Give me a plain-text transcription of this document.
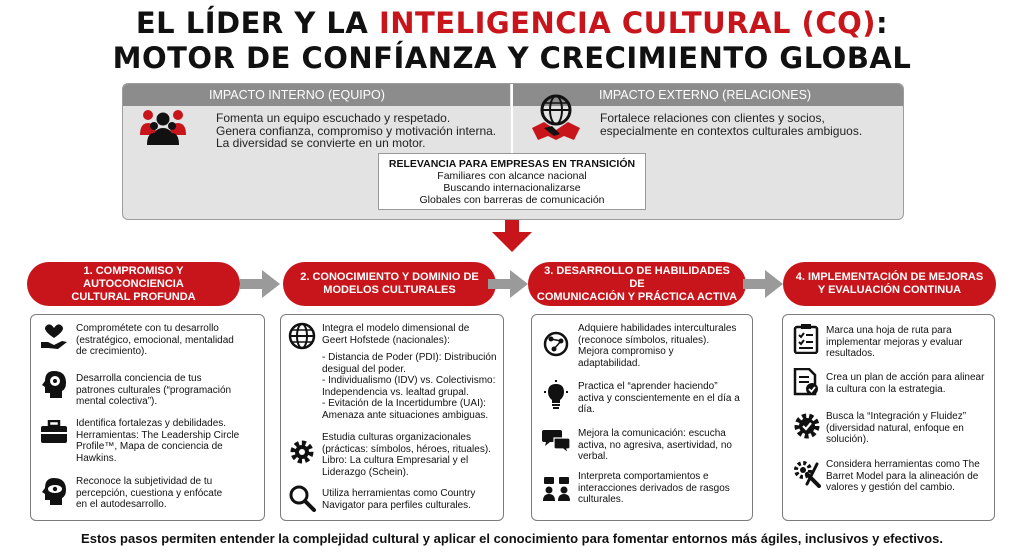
EL LÍDER Y LA INTELIGENCIA CULTURAL (CQ):
MOTOR DE CONFÍANZA Y CRECIMIENTO GLOBAL
IMPACTO INTERNO (EQUIPO)	IMPACTO EXTERNO (RELACIONES)
Fomenta un equipo escuchado y respetado.
Genera confianza, compromiso y motivación interna.
La diversidad se convierte en un motor.
Fortalece relaciones con clientes y socios,
especialmente en contextos culturales ambiguos.
RELEVANCIA PARA EMPRESAS EN TRANSICIÓN
Familiares con alcance nacional
Buscando internacionalizarse
Globales con barreras de comunicación
1. COMPROMISO Y AUTOCONCIENCIA
CULTURAL PROFUNDA
2. CONOCIMIENTO Y DOMINIO DE
MODELOS CULTURALES
3. DESARROLLO DE HABILIDADES DE
COMUNICACIÓN Y PRÁCTICA ACTIVA
4. IMPLEMENTACIÓN DE MEJORAS
Y EVALUACIÓN CONTINUA
Comprométete con tu desarrollo
(estratégico, emocional, mentalidad
de crecimiento).
Desarrolla conciencia de tus
patrones culturales (“programación
mental colectiva”).
Identifica fortalezas y debilidades.
Herramientas: The Leadership Circle
Profile™, Mapa de conciencia de
Hawkins.
Reconoce la subjetividad de tu
percepción, cuestiona y enfócate
en el autodesarrollo.
Integra el modelo dimensional de
Geert Hofstede (nacionales):
- Distancia de Poder (PDI): Distribución
desigual del poder.
- Individualismo (IDV) vs. Colectivismo:
Independencia vs. lealtad grupal.
- Evitación de la Incertidumbre (UAI):
Amenaza ante situaciones ambiguas.
Estudia culturas organizacionales
(prácticas: símbolos, héroes, rituales).
Libro: La cultura Empresarial y el
Liderazgo (Schein).
Utiliza herramientas como Country
Navigator para perfiles culturales.
Adquiere habilidades interculturales
(reconoce símbolos, rituales).
Mejora compromiso y
adaptabilidad.
Practica el “aprender haciendo”
activa y conscientemente en el día a
día.
Mejora la comunicación: escucha
activa, no agresiva, asertividad, no
verbal.
Interpreta comportamientos e
interacciones derivados de rasgos
culturales.
Marca una hoja de ruta para
implementar mejoras y evaluar
resultados.
Crea un plan de acción para alinear
la cultura con la estrategia.
Busca la “Integración y Fluidez”
(diversidad natural, enfoque en
solución).
Considera herramientas como The
Barret Model para la alineación de
valores y gestión del cambio.
Estos pasos permiten entender la complejidad cultural y aplicar el conocimiento para fomentar entornos más ágiles, inclusivos y efectivos.
